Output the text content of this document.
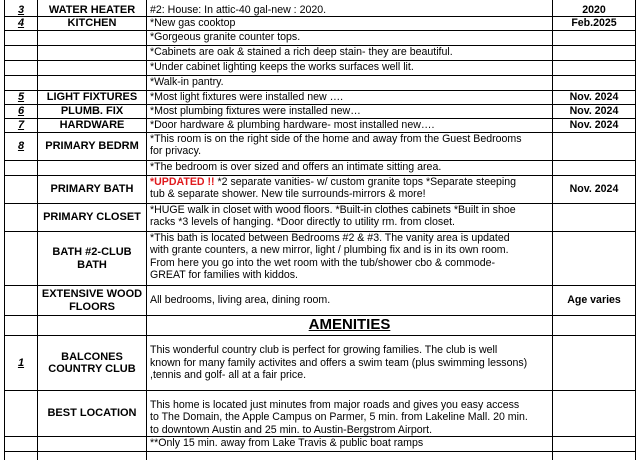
3	WATER HEATER	#2: House: In attic-40 gal-new : 2020.	2020
4	KITCHEN	*New gas cooktop	Feb.2025
		*Gorgeous granite counter tops.	
		*Cabinets are oak & stained a rich deep stain- they are beautiful.	
		*Under cabinet lighting keeps the works surfaces well lit.	
		*Walk-in pantry.	
5	LIGHT FIXTURES	*Most light fixtures were installed new ….	Nov. 2024
6	PLUMB. FIX	*Most plumbing fixtures were installed new…	Nov. 2024
7	HARDWARE	*Door hardware & plumbing hardware- most installed new….	Nov. 2024
8	PRIMARY BEDRM	*This room is on the right side of the home and away from the Guest Bedrooms
for privacy.	

		*The bedroom is over sized and offers an intimate sitting area.	
	PRIMARY BATH	*UPDATED !! *2 separate vanities- w/ custom granite tops *Separate steeping
tub & separate shower. New tile surrounds-mirrors & more!	Nov. 2024
	PRIMARY CLOSET	*HUGE walk in closet with wood floors. *Built-in clothes cabinets *Built in shoe
racks *3 levels of hanging. *Door directly to utility rm. from closet.	

	BATH #2-CLUB BATH	*This bath is located between Bedrooms #2 & #3. The vanity area is updated
with grante counters, a new mirror, light / plumbing fix and is in its own room.
From here you go into the wet room with the tub/shower cbo & commode-
GREAT for families with kiddos.	

	EXTENSIVE WOOD FLOORS	All bedrooms, living area, dining room.	Age varies
		AMENITIES	
1	BALCONES COUNTRY CLUB	This wonderful country club is perfect for growing families. The club is well
known for many family activites and offers a swim team (plus swimming lessons)
,tennis and golf- all at a fair price.	

	BEST LOCATION	This home is located just minutes from major roads and gives you easy access
to The Domain, the Apple Campus on Parmer, 5 min. from Lakeline Mall. 20 min.
to downtown Austin and 25 min. to Austin-Bergstrom Airport.	

		**Only 15 min. away from Lake Travis & public boat ramps	
